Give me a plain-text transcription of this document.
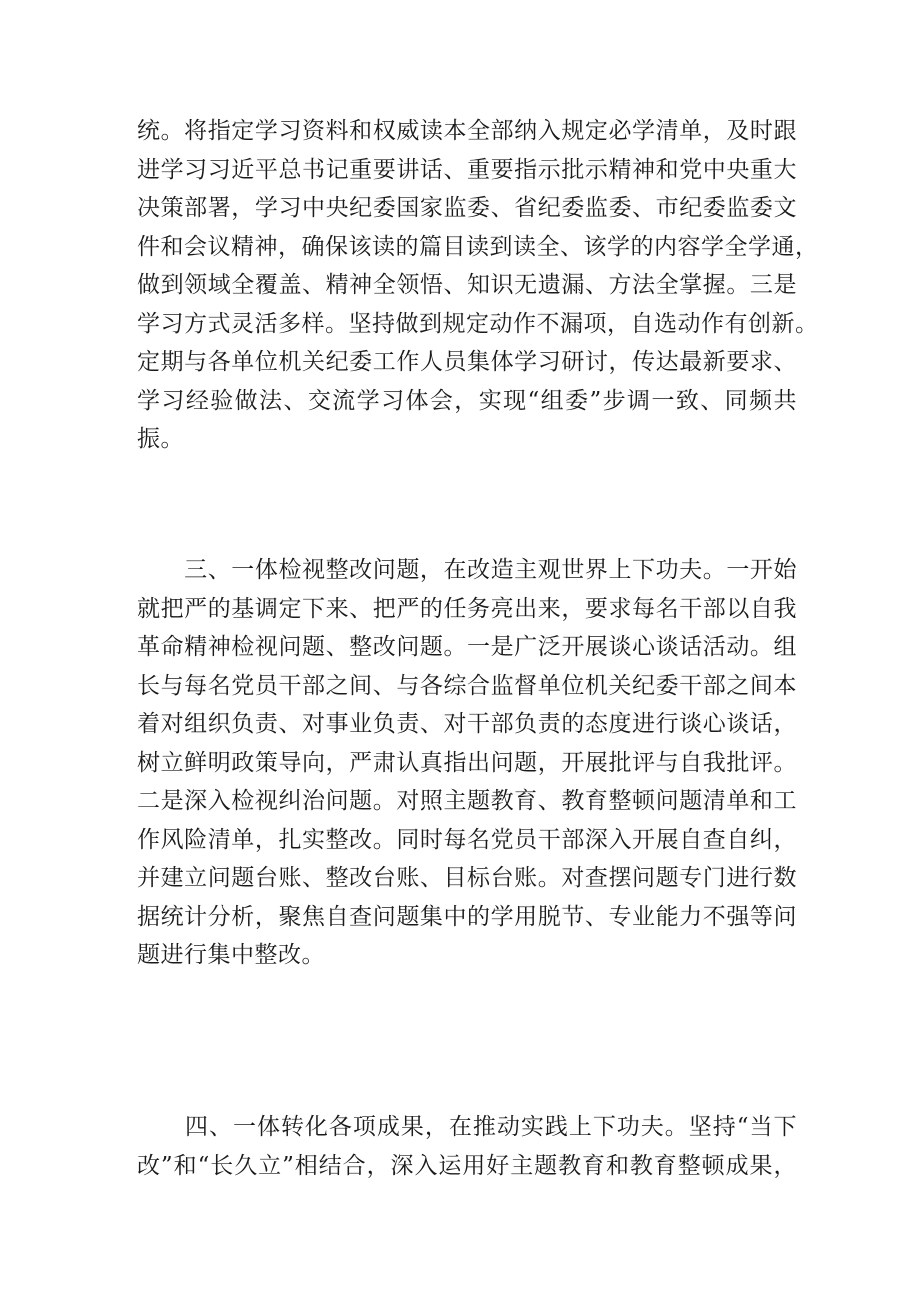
统。将指定学习资料和权威读本全部纳入规定必学清单，及时跟
进学习习近平总书记重要讲话、重要指示批示精神和党中央重大
决策部署，学习中央纪委国家监委、省纪委监委、市纪委监委文
件和会议精神，确保该读的篇目读到读全、该学的内容学全学通，
做到领域全覆盖、精神全领悟、知识无遗漏、方法全掌握。三是
学习方式灵活多样。坚持做到规定动作不漏项，自选动作有创新。
定期与各单位机关纪委工作人员集体学习研讨，传达最新要求、
学习经验做法、交流学习体会，实现“组委”步调一致、同频共
振。
　　三、一体检视整改问题，在改造主观世界上下功夫。一开始
就把严的基调定下来、把严的任务亮出来，要求每名干部以自我
革命精神检视问题、整改问题。一是广泛开展谈心谈话活动。组
长与每名党员干部之间、与各综合监督单位机关纪委干部之间本
着对组织负责、对事业负责、对干部负责的态度进行谈心谈话，
树立鲜明政策导向，严肃认真指出问题，开展批评与自我批评。
二是深入检视纠治问题。对照主题教育、教育整顿问题清单和工
作风险清单，扎实整改。同时每名党员干部深入开展自查自纠，
并建立问题台账、整改台账、目标台账。对查摆问题专门进行数
据统计分析，聚焦自查问题集中的学用脱节、专业能力不强等问
题进行集中整改。
　　四、一体转化各项成果，在推动实践上下功夫。坚持“当下
改”和“长久立”相结合，深入运用好主题教育和教育整顿成果，
